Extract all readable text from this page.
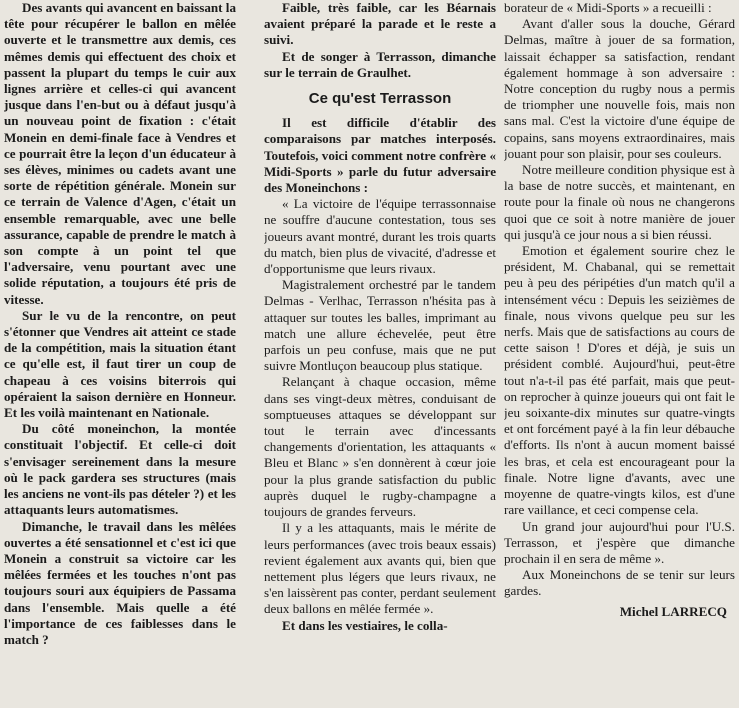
Des avants qui avancent en baissant la tête pour récupérer le ballon en mêlée ouverte et le transmettre aux demis, ces mêmes demis qui effectuent des choix et passent la plupart du temps le cuir aux lignes arrière et celles-ci qui avancent jusque dans l'en-but ou à défaut jusqu'à un nouveau point de fixation : c'était Monein en demi-finale face à Vendres et ce pourrait être la leçon d'un éducateur à ses élèves, minimes ou cadets avant une sorte de répétition générale. Monein sur ce terrain de Valence d'Agen, c'était un ensemble remarquable, avec une belle assurance, capable de prendre le match à son compte à un point tel que l'adversaire, venu pourtant avec une solide réputation, a toujours été pris de vitesse.

Sur le vu de la rencontre, on peut s'étonner que Vendres ait atteint ce stade de la compétition, mais la situation étant ce qu'elle est, il faut tirer un coup de chapeau à ces voisins biterrois qui opéraient la saison dernière en Honneur. Et les voilà maintenant en Nationale.

Du côté moneinchon, la montée constituait l'objectif. Et celle-ci doit s'envisager sereinement dans la mesure où le pack gardera ses structures (mais les anciens ne vont-ils pas dételer ?) et les attaquants leurs automatismes.

Dimanche, le travail dans les mêlées ouvertes a été sensationnel et c'est ici que Monein a construit sa victoire car les mêlées fermées et les touches n'ont pas toujours souri aux équipiers de Passama dans l'ensemble. Mais quelle a été l'importance de ces faiblesses dans le match ?

Faible, très faible, car les Béarnais avaient préparé la parade et le reste a suivi.

Et de songer à Terrasson, dimanche sur le terrain de Graulhet.

Ce qu'est Terrasson

Il est difficile d'établir des comparaisons par matches interposés. Toutefois, voici comment notre confrère « Midi-Sports » parle du futur adversaire des Moneinchons :

« La victoire de l'équipe terrassonnaise ne souffre d'aucune contestation, tous ses joueurs avant montré, durant les trois quarts du match, bien plus de vivacité, d'adresse et d'opportunisme que leurs rivaux.

Magistralement orchestré par le tandem Delmas - Verlhac, Terrasson n'hésita pas à attaquer sur toutes les balles, imprimant au match une allure échevelée, peut être parfois un peu confuse, mais que ne put suivre Montluçon beaucoup plus statique.

Relançant à chaque occasion, même dans ses vingt-deux mètres, conduisant de somptueuses attaques se développant sur tout le terrain avec d'incessants changements d'orientation, les attaquants « Bleu et Blanc » s'en donnèrent à cœur joie pour la plus grande satisfaction du public auprès duquel le rugby-champagne a toujours de grandes ferveurs.

Il y a les attaquants, mais le mérite de leurs performances (avec trois beaux essais) revient également aux avants qui, bien que nettement plus légers que leurs rivaux, ne s'en laissèrent pas conter, perdant seulement deux ballons en mêlée fermée ».

Et dans les vestiaires, le colla-

borateur de « Midi-Sports » a recueilli :

Avant d'aller sous la douche, Gérard Delmas, maître à jouer de sa formation, laissait échapper sa satisfaction, rendant également hommage à son adversaire : Notre conception du rugby nous a permis de triompher une nouvelle fois, mais non sans mal. C'est la victoire d'une équipe de copains, sans moyens extraordinaires, mais jouant pour son plaisir, pour ses couleurs.

Notre meilleure condition physique est à la base de notre succès, et maintenant, en route pour la finale où nous ne changerons quoi que ce soit à notre manière de jouer qui jusqu'à ce jour nous a si bien réussi.

Emotion et également sourire chez le président, M. Chabanal, qui se remettait peu à peu des péripéties d'un match qu'il a intensément vécu : Depuis les seizièmes de finale, nous vivons quelque peu sur les nerfs. Mais que de satisfactions au cours de cette saison ! D'ores et déjà, je suis un président comblé. Aujourd'hui, peut-être tout n'a-t-il pas été parfait, mais que peut-on reprocher à quinze joueurs qui ont fait le jeu soixante-dix minutes sur quatre-vingts et ont forcément payé à la fin leur débauche d'efforts. Ils n'ont à aucun moment baissé les bras, et cela est encourageant pour la finale. Notre ligne d'avants, avec une moyenne de quatre-vingts kilos, est d'une rare vaillance, et ceci compense cela.

Un grand jour aujourd'hui pour l'U.S. Terrasson, et j'espère que dimanche prochain il en sera de même ».

Aux Moneinchons de se tenir sur leurs gardes.

Michel LARRECQ
